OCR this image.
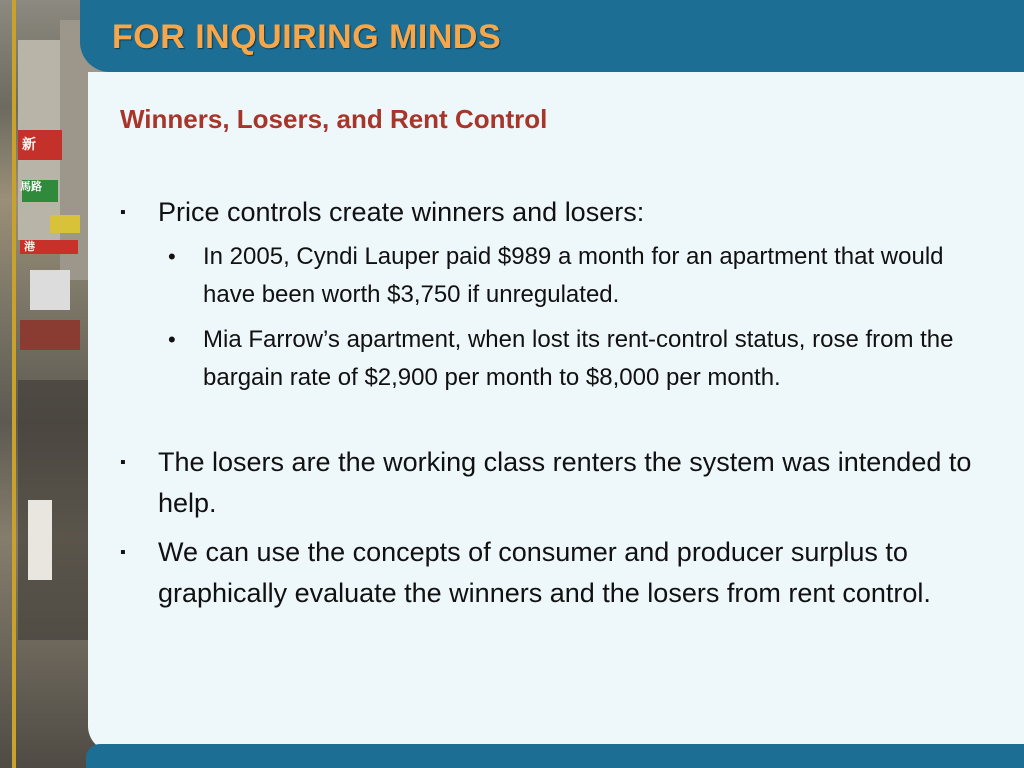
新
馬路
港
FOR INQUIRING MINDS
Winners, Losers, and Rent Control
▪ Price controls create winners and losers:
• In 2005, Cyndi Lauper paid $989 a month for an apartment that would have been worth $3,750 if unregulated.
• Mia Farrow’s apartment, when lost its rent-control status, rose from the bargain rate of $2,900 per month to $8,000 per month.
▪ The losers are the working class renters the system was intended to help.
▪ We can use the concepts of consumer and producer surplus to graphically evaluate the winners and the losers from rent control.
